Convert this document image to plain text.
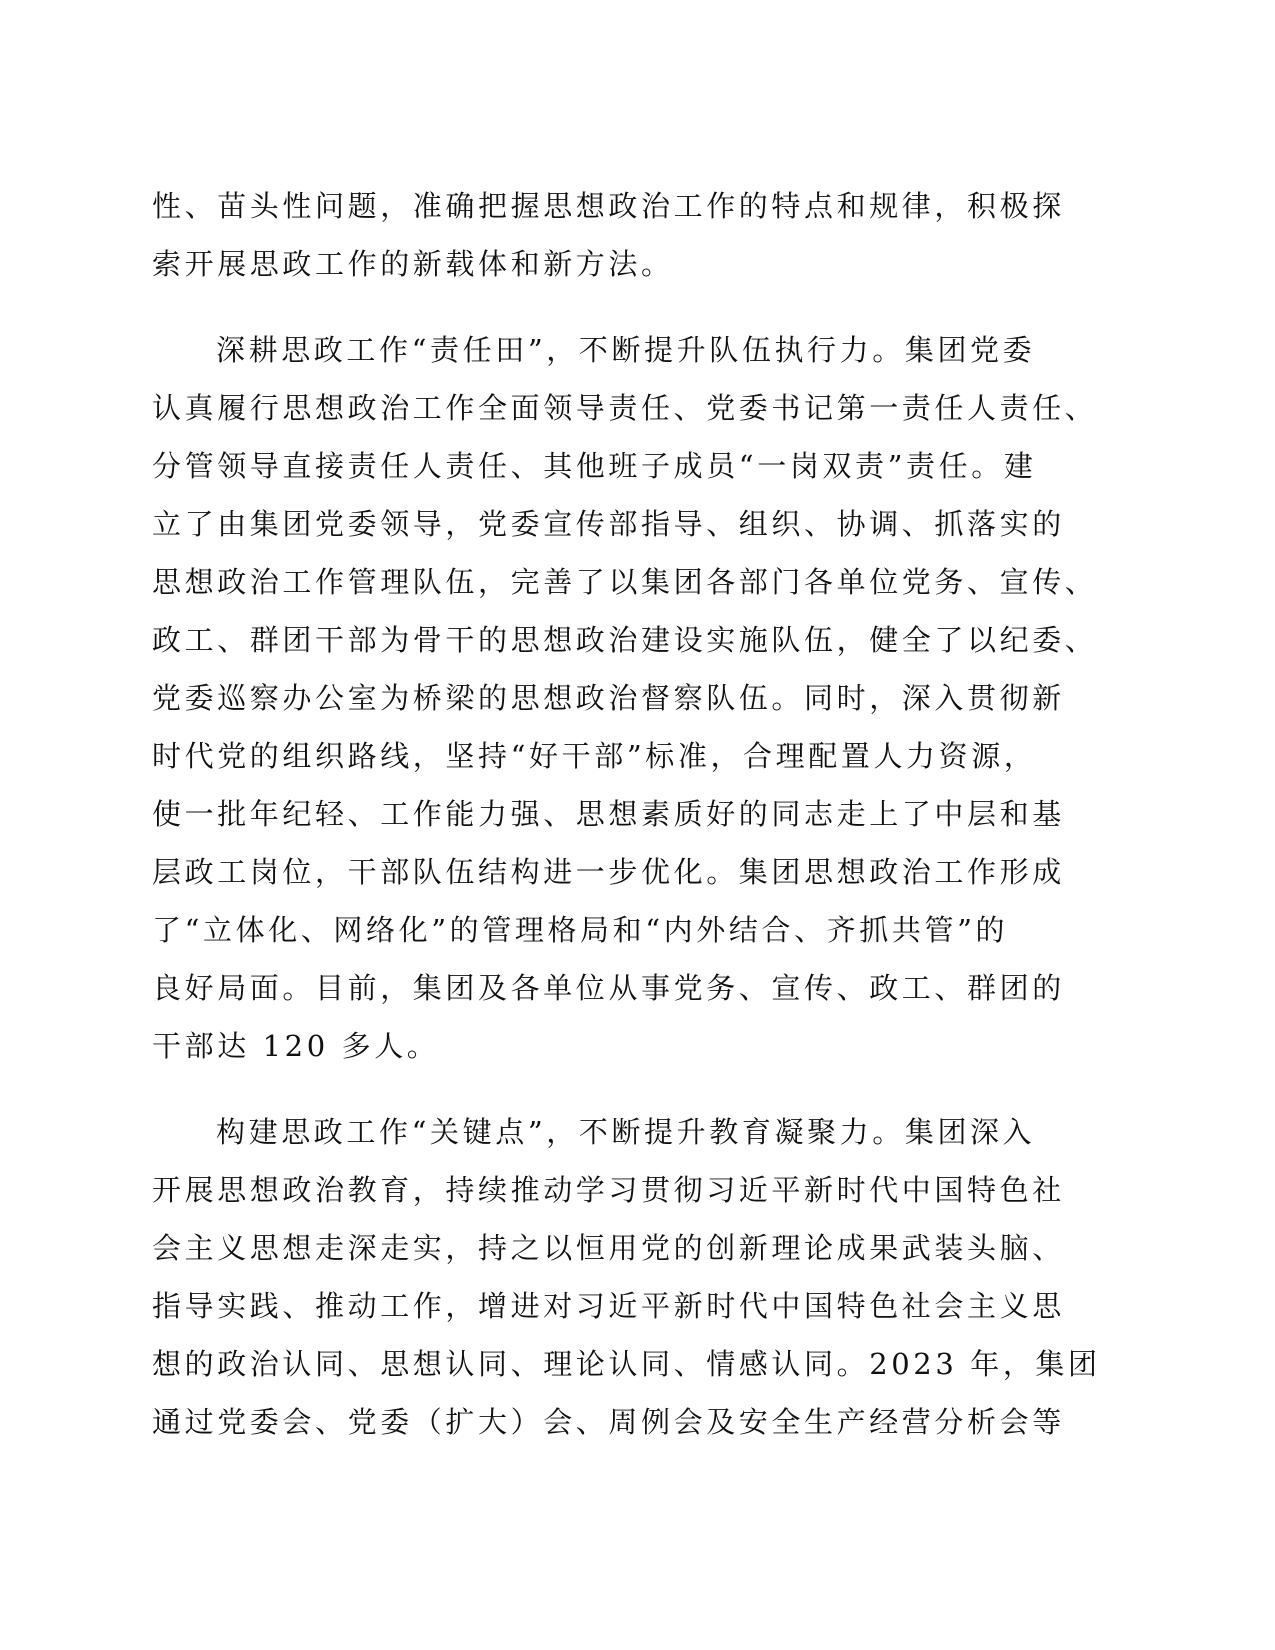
性、苗头性问题，准确把握思想政治工作的特点和规律，积极探
索开展思政工作的新载体和新方法。
深耕思政工作“责任田”，不断提升队伍执行力。集团党委
认真履行思想政治工作全面领导责任、党委书记第一责任人责任、
分管领导直接责任人责任、其他班子成员“一岗双责”责任。建
立了由集团党委领导，党委宣传部指导、组织、协调、抓落实的
思想政治工作管理队伍，完善了以集团各部门各单位党务、宣传、
政工、群团干部为骨干的思想政治建设实施队伍，健全了以纪委、
党委巡察办公室为桥梁的思想政治督察队伍。同时，深入贯彻新
时代党的组织路线，坚持“好干部”标准，合理配置人力资源，
使一批年纪轻、工作能力强、思想素质好的同志走上了中层和基
层政工岗位，干部队伍结构进一步优化。集团思想政治工作形成
了“立体化、网络化”的管理格局和“内外结合、齐抓共管”的
良好局面。目前，集团及各单位从事党务、宣传、政工、群团的
干部达 120 多人。
构建思政工作“关键点”，不断提升教育凝聚力。集团深入
开展思想政治教育，持续推动学习贯彻习近平新时代中国特色社
会主义思想走深走实，持之以恒用党的创新理论成果武装头脑、
指导实践、推动工作，增进对习近平新时代中国特色社会主义思
想的政治认同、思想认同、理论认同、情感认同。2023 年，集团
通过党委会、党委（扩大）会、周例会及安全生产经营分析会等
